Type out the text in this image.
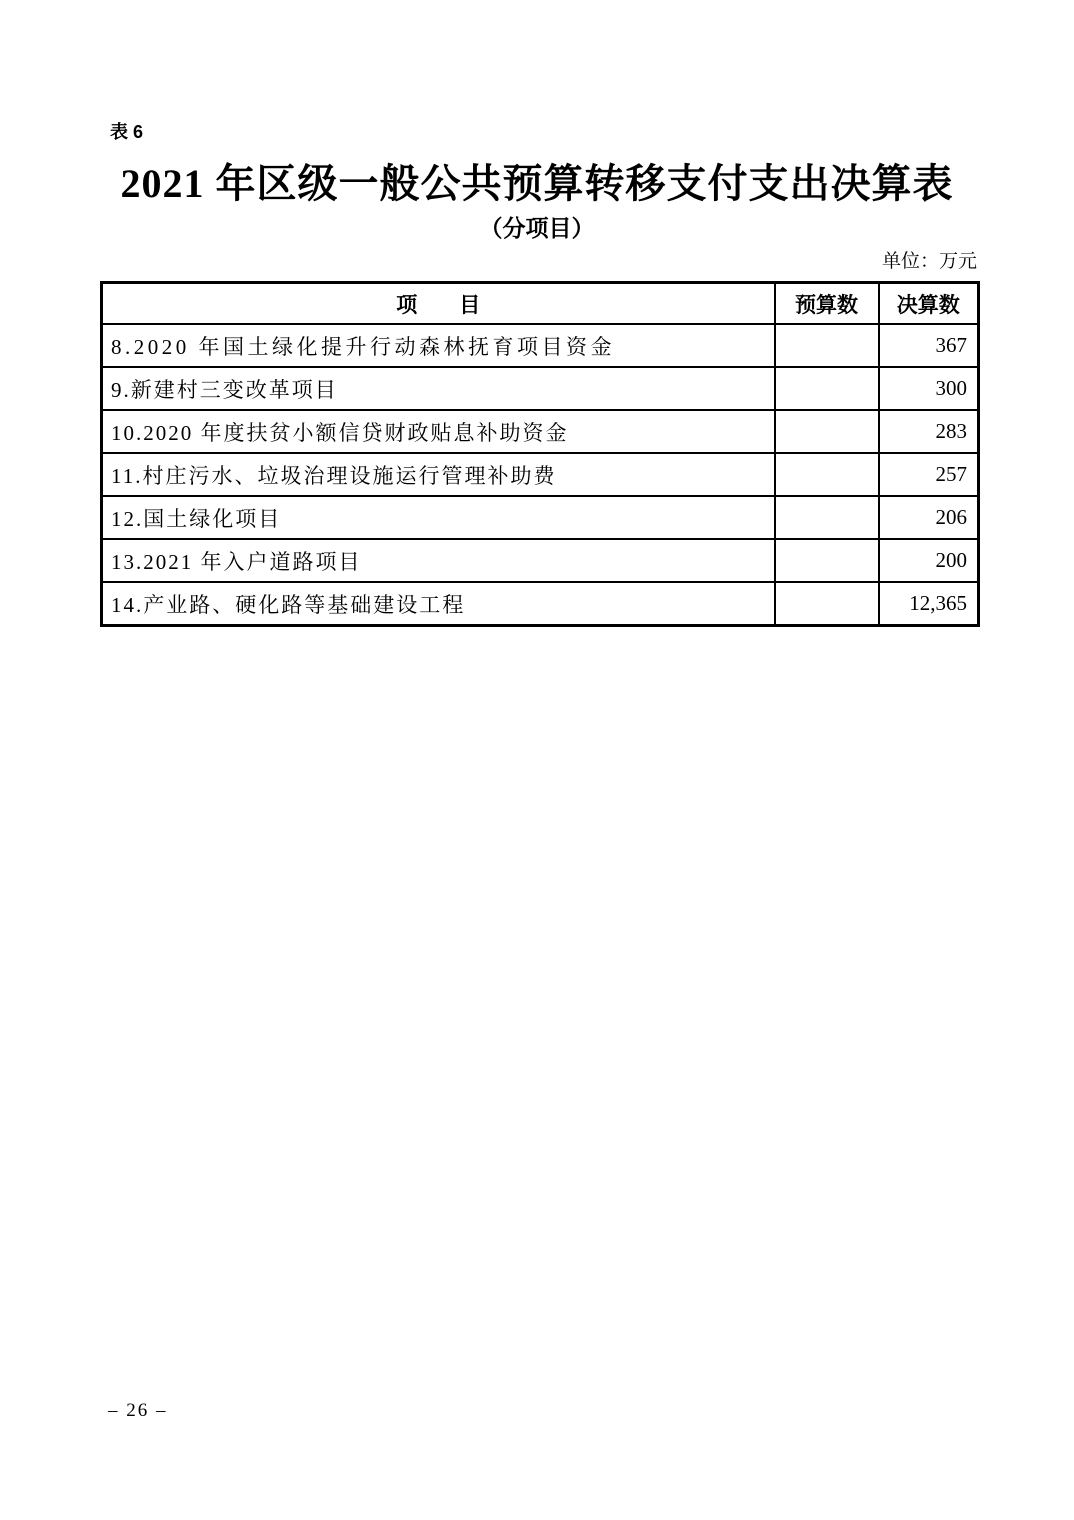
表 6
2021 年区级一般公共预算转移支付支出决算表
（分项目）
单位：万元
项　　目	预算数	决算数
8.2020 年国土绿化提升行动森林抚育项目资金		367
9.新建村三变改革项目		300
10.2020 年度扶贫小额信贷财政贴息补助资金		283
11.村庄污水、垃圾治理设施运行管理补助费		257
12.国土绿化项目		206
13.2021 年入户道路项目		200
14.产业路、硬化路等基础建设工程		12,365
– 26 –
